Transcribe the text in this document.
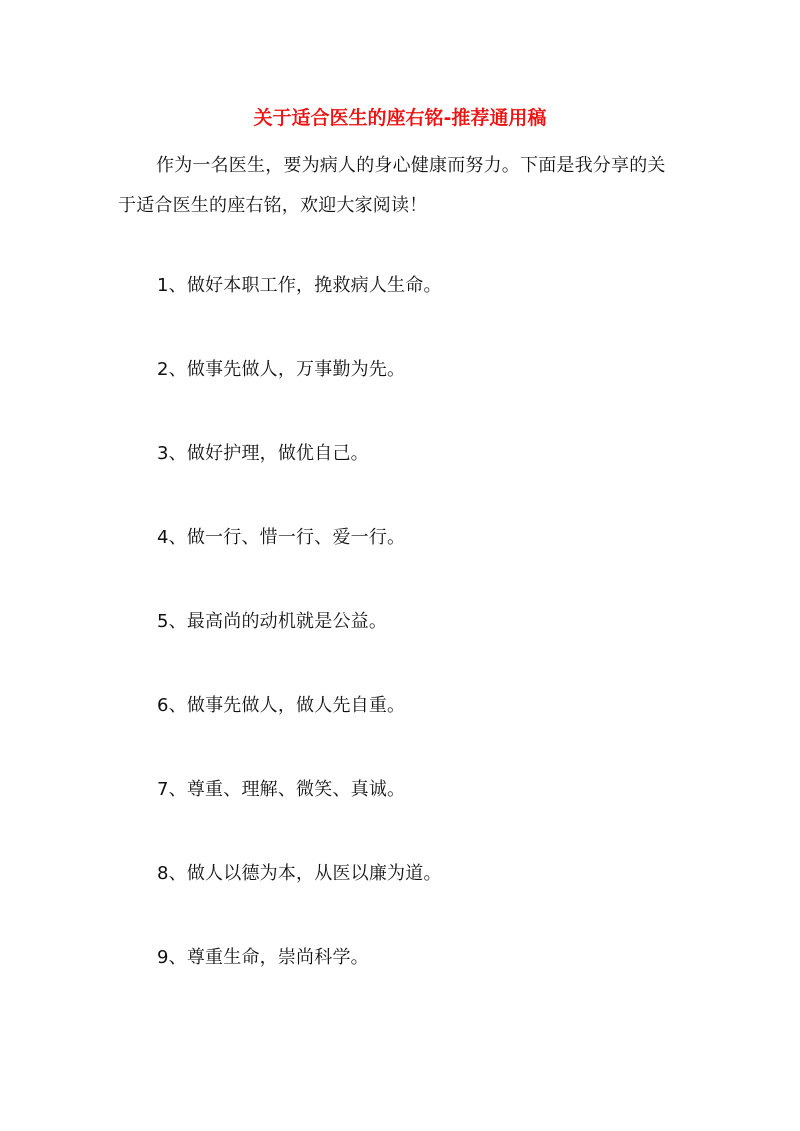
关于适合医生的座右铭-推荐通用稿

作为一名医生，要为病人的身心健康而努力。下面是我分享的关于适合医生的座右铭，欢迎大家阅读！

1、做好本职工作，挽救病人生命。
2、做事先做人，万事勤为先。
3、做好护理，做优自己。
4、做一行、惜一行、爱一行。
5、最高尚的动机就是公益。
6、做事先做人，做人先自重。
7、尊重、理解、微笑、真诚。
8、做人以德为本，从医以廉为道。
9、尊重生命，崇尚科学。
